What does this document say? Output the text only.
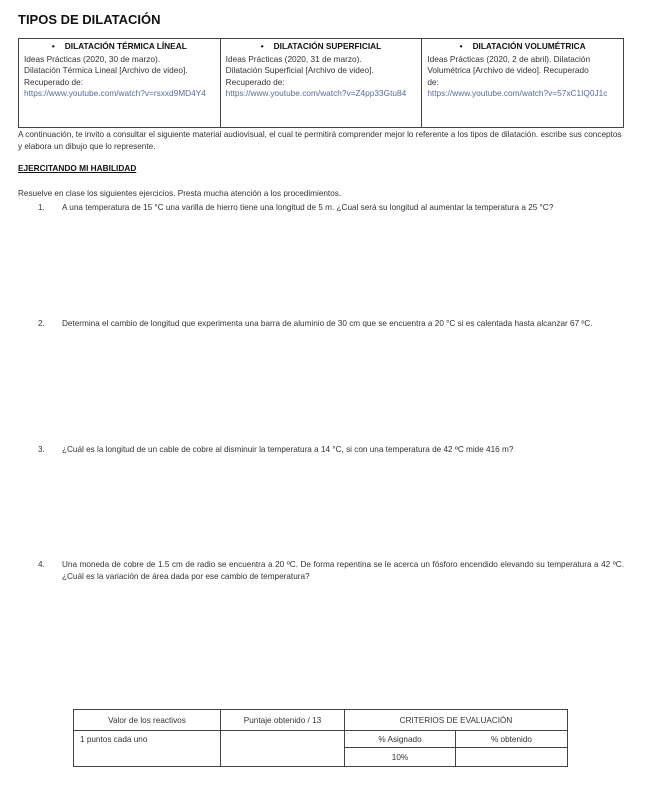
TIPOS DE DILATACIÓN
• DILATACIÓN TÉRMICA LÍNEAL
Ideas Prácticas (2020, 30 de marzo).
Dilatación Térmica Lineal [Archivo de video].
Recuperado de:
https://www.youtube.com/watch?v=rsxxd9MD4Y4

• DILATACIÓN SUPERFICIAL
Ideas Prácticas (2020, 31 de marzo).
Dilatación Superficial [Archivo de video].
Recuperado de:
https://www.youtube.com/watch?v=Z4pp33Gtu84

• DILATACIÓN VOLUMÉTRICA
Ideas Prácticas (2020, 2 de abril). Dilatación
Volumétrica [Archivo de video]. Recuperado
de:
https://www.youtube.com/watch?v=57xC1IQ0J1c

A continuación, te invito a consultar el siguiente material audiovisual, el cual te permitirá comprender mejor lo referente a los tipos de dilatación. escribe sus conceptos y elabora un dibujo que lo represente.

EJERCITANDO MI HABILIDAD
Resuelve en clase los siguientes ejercicios. Presta mucha atención a los procedimientos.
1. A una temperatura de 15 °C una varilla de hierro tiene una longitud de 5 m. ¿Cual será su longitud al aumentar la temperatura a 25 °C?
2. Determina el cambio de longitud que experimenta una barra de aluminio de 30 cm que se encuentra a 20 °C si es calentada hasta alcanzar 67 ºC.
3. ¿Cuál es la longitud de un cable de cobre al disminuir la temperatura a 14 °C, si con una temperatura de 42 ºC mide 416 m?
4. Una moneda de cobre de 1.5 cm de radio se encuentra a 20 ºC. De forma repentina se le acerca un fósforo encendido elevando su temperatura a 42 ºC. ¿Cuál es la variación de área dada por ese cambio de temperatura?
Valor de los reactivos	Puntaje obtenido / 13	CRITERIOS DE EVALUACIÓN	
1 puntos cada uno		% Asignado	% obtenido
		10%	
